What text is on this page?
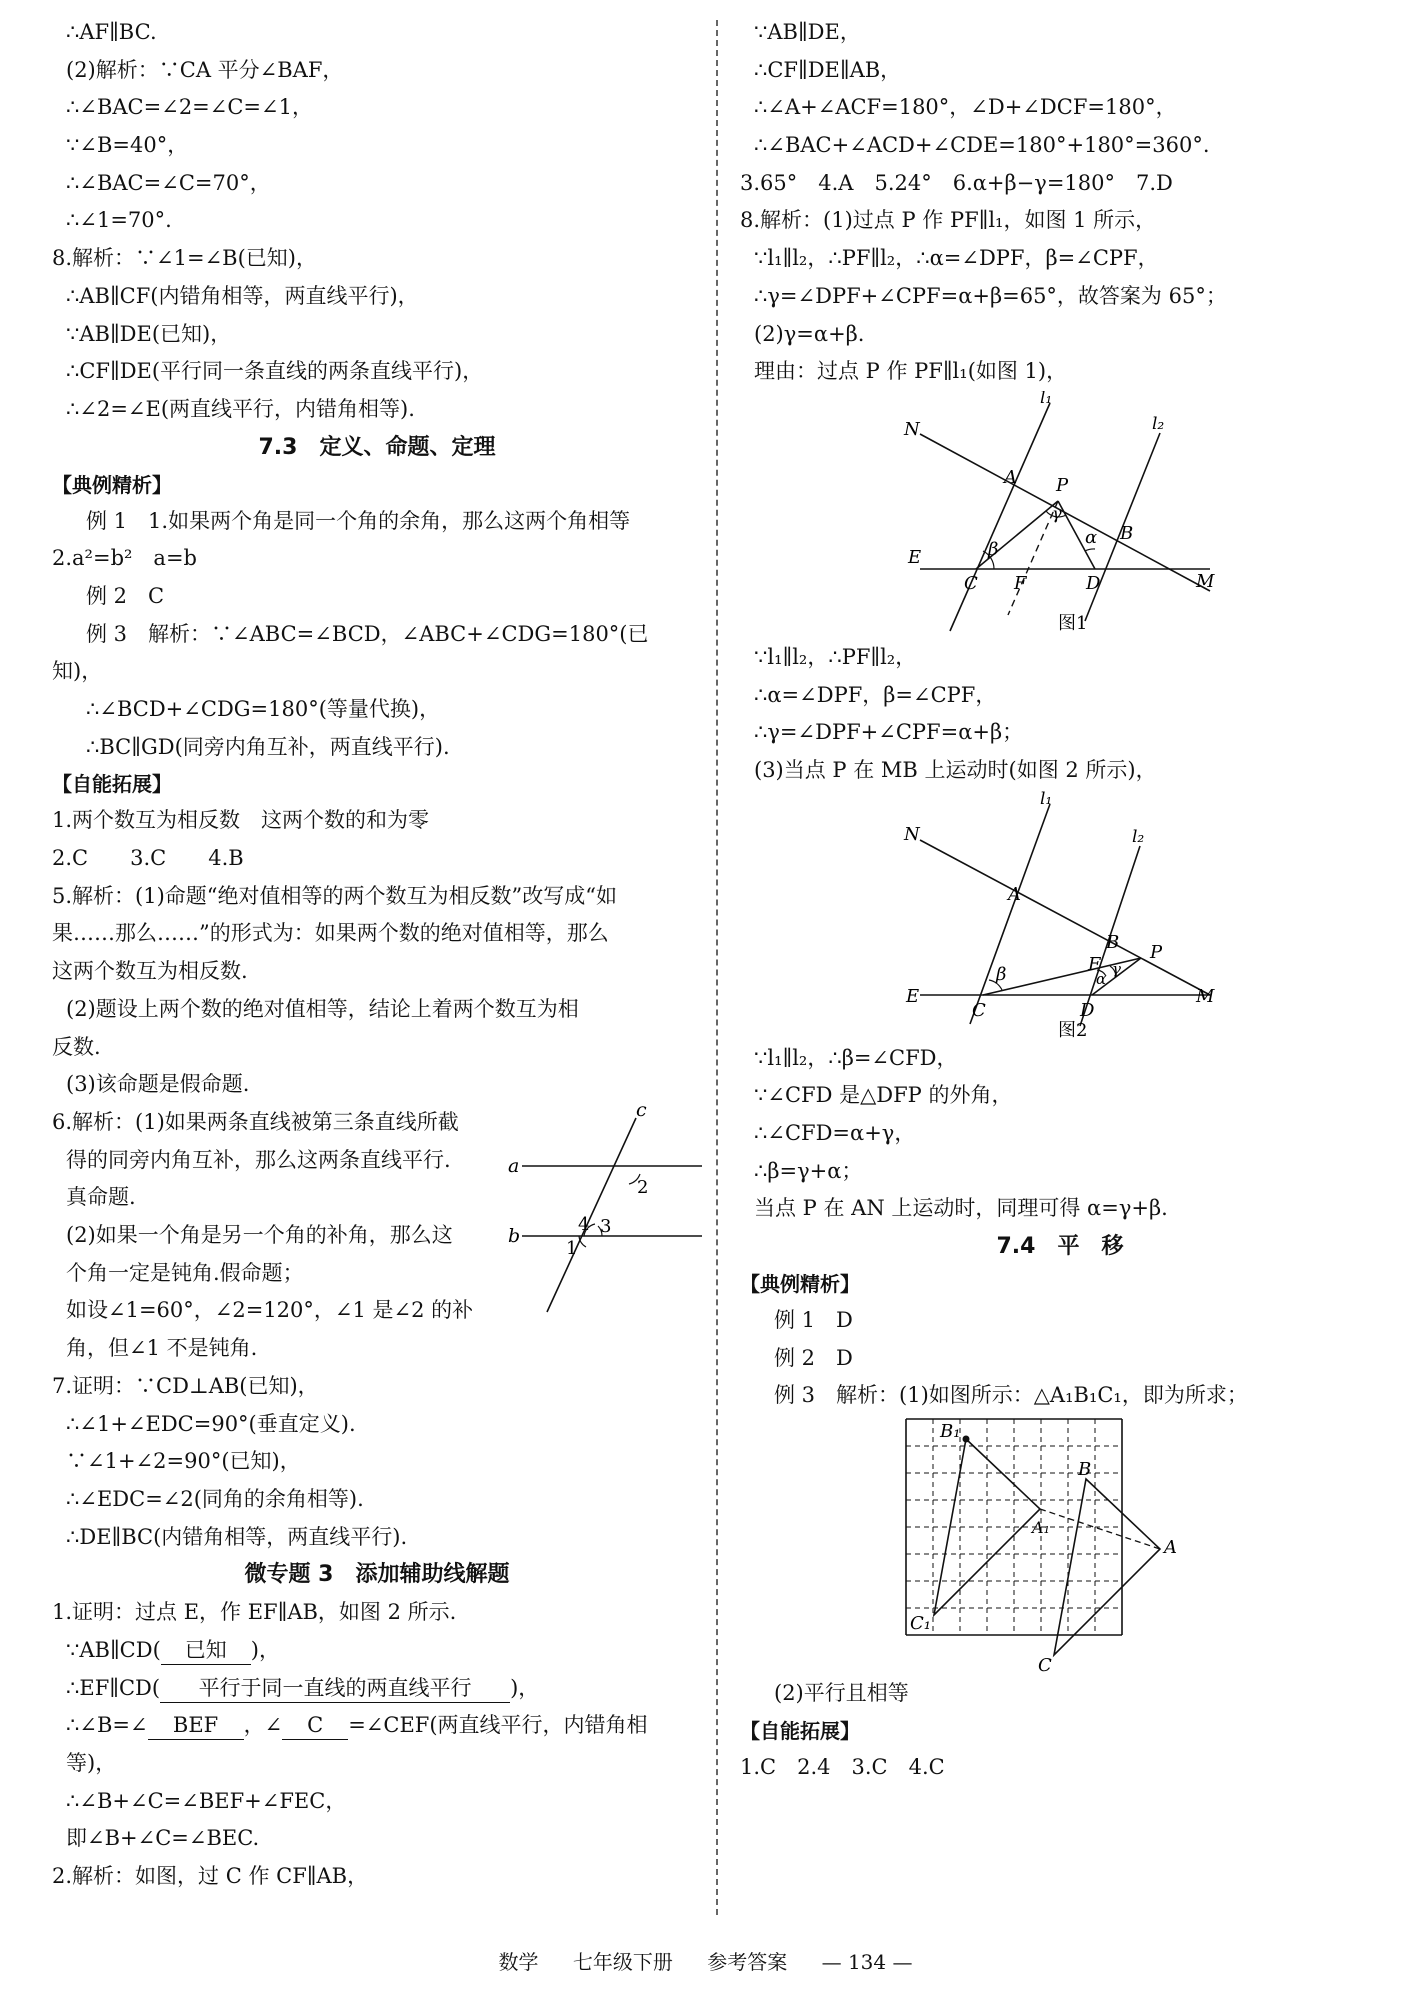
∴AF∥BC.
(2)解析：∵CA 平分∠BAF，
∴∠BAC=∠2=∠C=∠1，
∵∠B=40°，
∴∠BAC=∠C=70°，
∴∠1=70°.
8.解析：∵∠1=∠B(已知)，
∴AB∥CF(内错角相等，两直线平行)，
∵AB∥DE(已知)，
∴CF∥DE(平行同一条直线的两条直线平行)，
∴∠2=∠E(两直线平行，内错角相等).
7.3　定义、命题、定理
【典例精析】
例 1　1.如果两个角是同一个角的余角，那么这两个角相等
2.a²=b²　a=b
例 2　C
例 3　解析：∵∠ABC=∠BCD，∠ABC+∠CDG=180°(已
知)，
∴∠BCD+∠CDG=180°(等量代换)，
∴BC∥GD(同旁内角互补，两直线平行).
【自能拓展】
1.两个数互为相反数　这两个数的和为零
2.C　　3.C　　4.B
5.解析：(1)命题“绝对值相等的两个数互为相反数”改写成“如
果……那么……”的形式为：如果两个数的绝对值相等，那么
这两个数互为相反数.
(2)题设上两个数的绝对值相等，结论上着两个数互为相
反数.
(3)该命题是假命题.
6.解析：(1)如果两条直线被第三条直线所截
得的同旁内角互补，那么这两条直线平行.
真命题.
(2)如果一个角是另一个角的补角，那么这
个角一定是钝角.假命题；
如设∠1=60°，∠2=120°，∠1 是∠2 的补
角，但∠1 不是钝角.
a
b
c
2
4 3
1
7.证明：∵CD⊥AB(已知)，
∴∠1+∠EDC=90°(垂直定义).
∵∠1+∠2=90°(已知)，
∴∠EDC=∠2(同角的余角相等).
∴DE∥BC(内错角相等，两直线平行).
微专题 3　添加辅助线解题
1.证明：过点 E，作 EF∥AB，如图 2 所示.
∵AB∥CD( 已知 )，
∴EF∥CD( 平行于同一直线的两直线平行 )，
∴∠B=∠ BEF ，∠ C =∠CEF(两直线平行，内错角相
等)，
∴∠B+∠C=∠BEF+∠FEC，
即∠B+∠C=∠BEC.
2.解析：如图，过 C 作 CF∥AB，
∵AB∥DE，
∴CF∥DE∥AB，
∴∠A+∠ACF=180°，∠D+∠DCF=180°，
∴∠BAC+∠ACD+∠CDE=180°+180°=360°.
3.65°　4.A　5.24°　6.α+β−γ=180°　7.D
8.解析：(1)过点 P 作 PF∥l₁，如图 1 所示，
∵l₁∥l₂，∴PF∥l₂，∴α=∠DPF，β=∠CPF，
∴γ=∠DPF+∠CPF=α+β=65°，故答案为 65°；
(2)γ=α+β.
理由：过点 P 作 PF∥l₁(如图 1)，
l₁
l₂
N
A P
B
E
C F	D	M
β
α
γ
图1
∵l₁∥l₂，∴PF∥l₂，
∴α=∠DPF，β=∠CPF，
∴γ=∠DPF+∠CPF=α+β；
(3)当点 P 在 MB 上运动时(如图 2 所示)，
l₁
l₂
N
A
B P
F
E
C	D
M
β	α
γ
图2
∵l₁∥l₂，∴β=∠CFD，
∵∠CFD 是△DFP 的外角，
∴∠CFD=α+γ，
∴β=γ+α；
当点 P 在 AN 上运动时，同理可得 α=γ+β.
7.4　平　移
【典例精析】
例 1　D
例 2　D
例 3　解析：(1)如图所示：△A₁B₁C₁，即为所求；
B₁
B
A₁
A
C₁
C
(2)平行且相等
【自能拓展】
1.C　2.4　3.C　4.C
数学 七年级下册 参考答案 — 134 —
